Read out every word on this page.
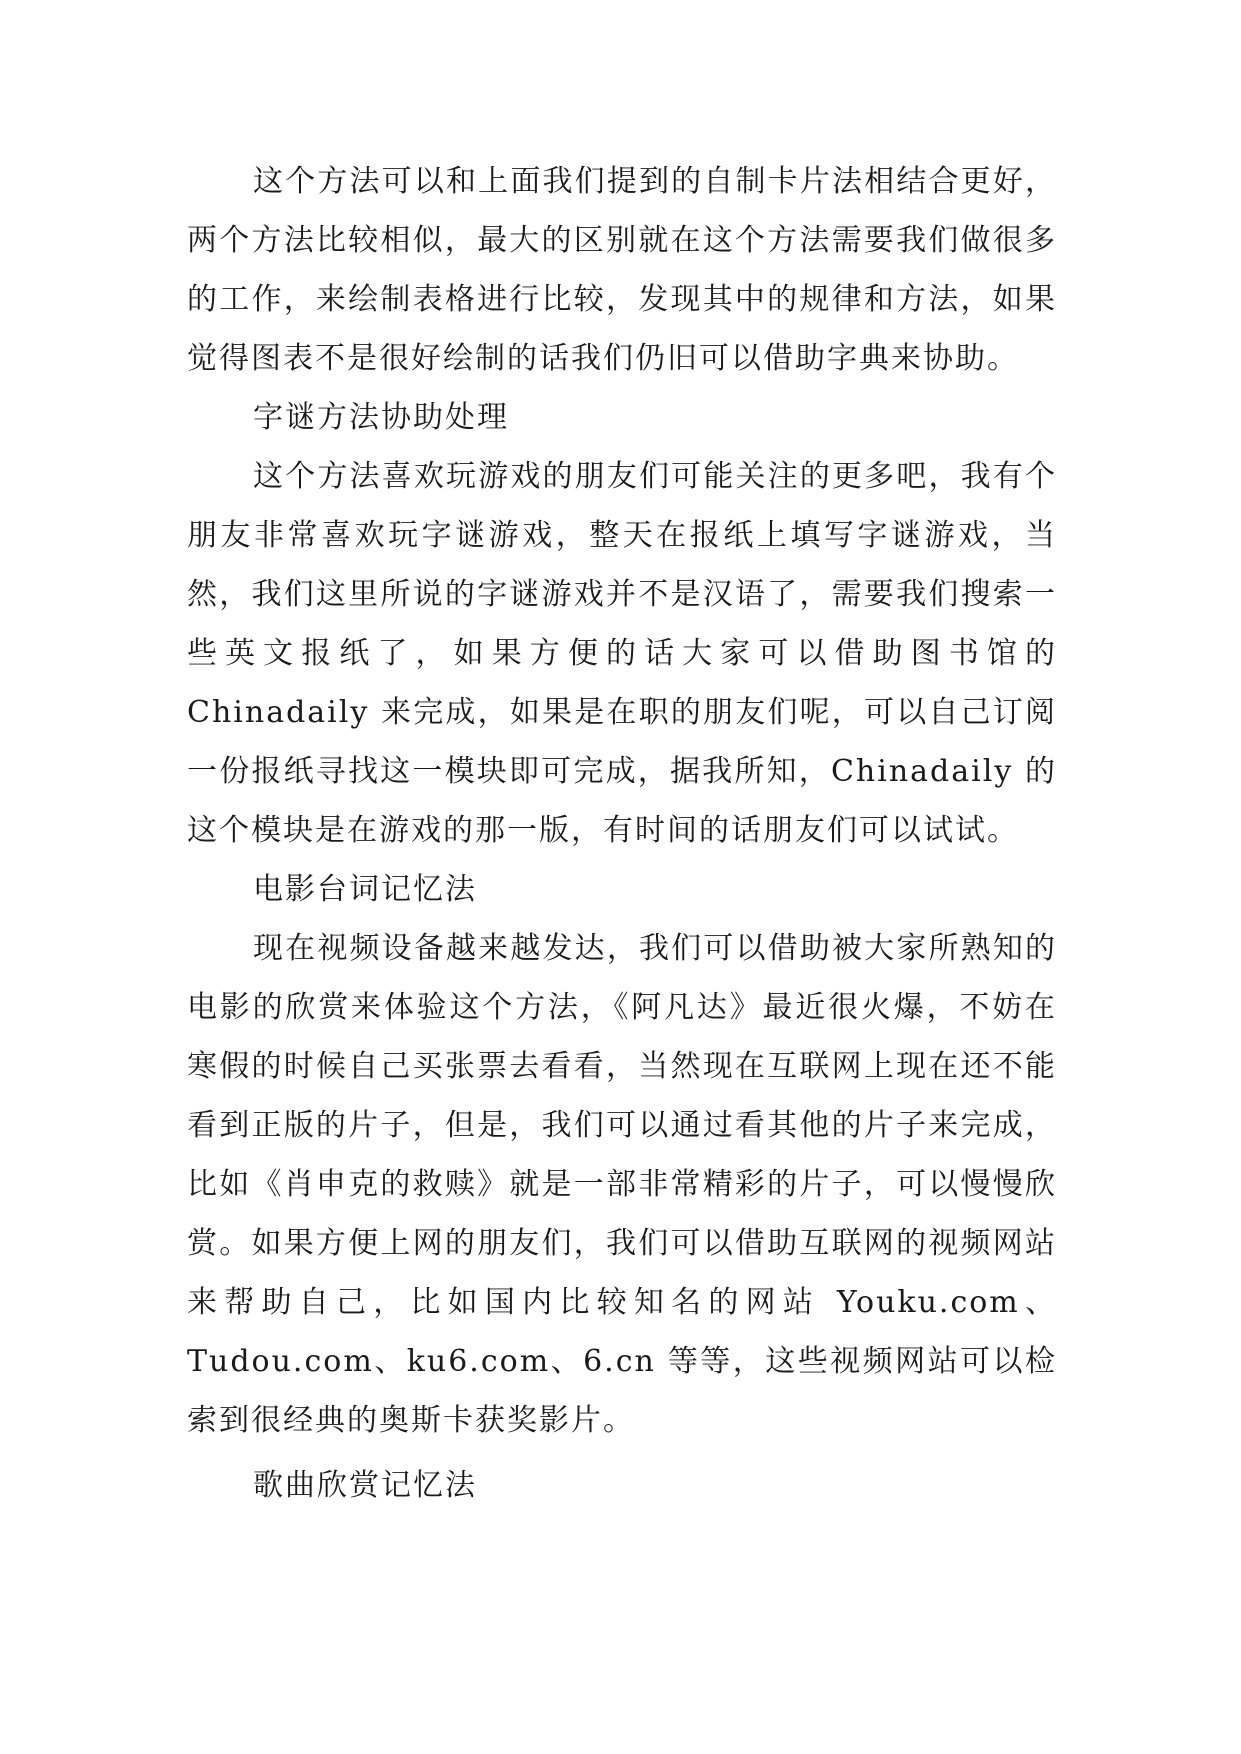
这个方法可以和上面我们提到的自制卡片法相结合更好，两个方法比较相似，最大的区别就在这个方法需要我们做很多的工作，来绘制表格进行比较，发现其中的规律和方法，如果觉得图表不是很好绘制的话我们仍旧可以借助字典来协助。

字谜方法协助处理

这个方法喜欢玩游戏的朋友们可能关注的更多吧，我有个朋友非常喜欢玩字谜游戏，整天在报纸上填写字谜游戏，当然，我们这里所说的字谜游戏并不是汉语了，需要我们搜索一些英文报纸了，如果方便的话大家可以借助图书馆的 Chinadaily 来完成，如果是在职的朋友们呢，可以自己订阅一份报纸寻找这一模块即可完成，据我所知，Chinadaily 的这个模块是在游戏的那一版，有时间的话朋友们可以试试。

电影台词记忆法

现在视频设备越来越发达，我们可以借助被大家所熟知的电影的欣赏来体验这个方法，《阿凡达》最近很火爆，不妨在寒假的时候自己买张票去看看，当然现在互联网上现在还不能看到正版的片子，但是，我们可以通过看其他的片子来完成，比如《肖申克的救赎》就是一部非常精彩的片子，可以慢慢欣赏。如果方便上网的朋友们，我们可以借助互联网的视频网站来帮助自己，比如国内比较知名的网站 Youku.com、Tudou.com、ku6.com、6.cn 等等，这些视频网站可以检索到很经典的奥斯卡获奖影片。

歌曲欣赏记忆法
